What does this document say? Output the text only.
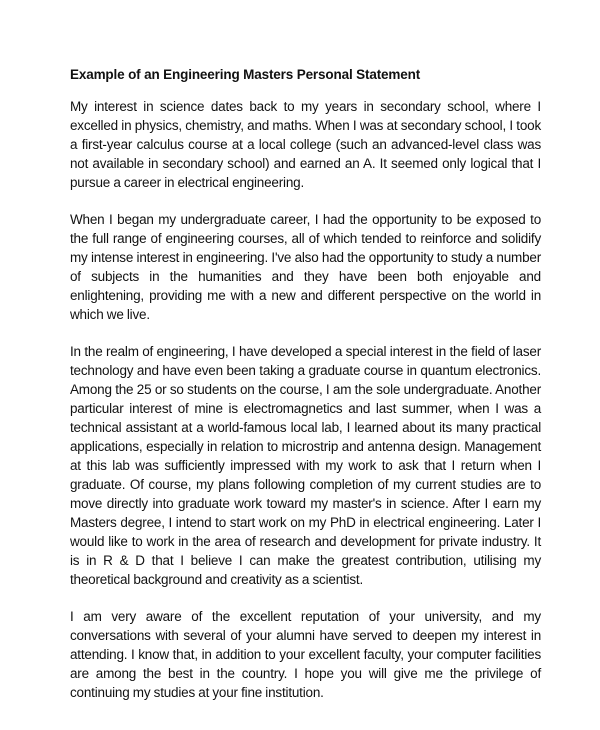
Example of an Engineering Masters Personal Statement

My interest in science dates back to my years in secondary school, where I excelled in physics, chemistry, and maths. When I was at secondary school, I took a first-year calculus course at a local college (such an advanced-level class was not available in secondary school) and earned an A. It seemed only logical that I pursue a career in electrical engineering.

When I began my undergraduate career, I had the opportunity to be exposed to the full range of engineering courses, all of which tended to reinforce and solidify my intense interest in engineering. I've also had the opportunity to study a number of subjects in the humanities and they have been both enjoyable and enlightening, providing me with a new and different perspective on the world in which we live.

In the realm of engineering, I have developed a special interest in the field of laser technology and have even been taking a graduate course in quantum electronics. Among the 25 or so students on the course, I am the sole undergraduate. Another particular interest of mine is electromagnetics and last summer, when I was a technical assistant at a world-famous local lab, I learned about its many practical applications, especially in relation to microstrip and antenna design. Management at this lab was sufficiently impressed with my work to ask that I return when I graduate. Of course, my plans following completion of my current studies are to move directly into graduate work toward my master's in science. After I earn my Masters degree, I intend to start work on my PhD in electrical engineering. Later I would like to work in the area of research and development for private industry. It is in R & D that I believe I can make the greatest contribution, utilising my theoretical background and creativity as a scientist.

I am very aware of the excellent reputation of your university, and my conversations with several of your alumni have served to deepen my interest in attending. I know that, in addition to your excellent faculty, your computer facilities are among the best in the country. I hope you will give me the privilege of continuing my studies at your fine institution.
